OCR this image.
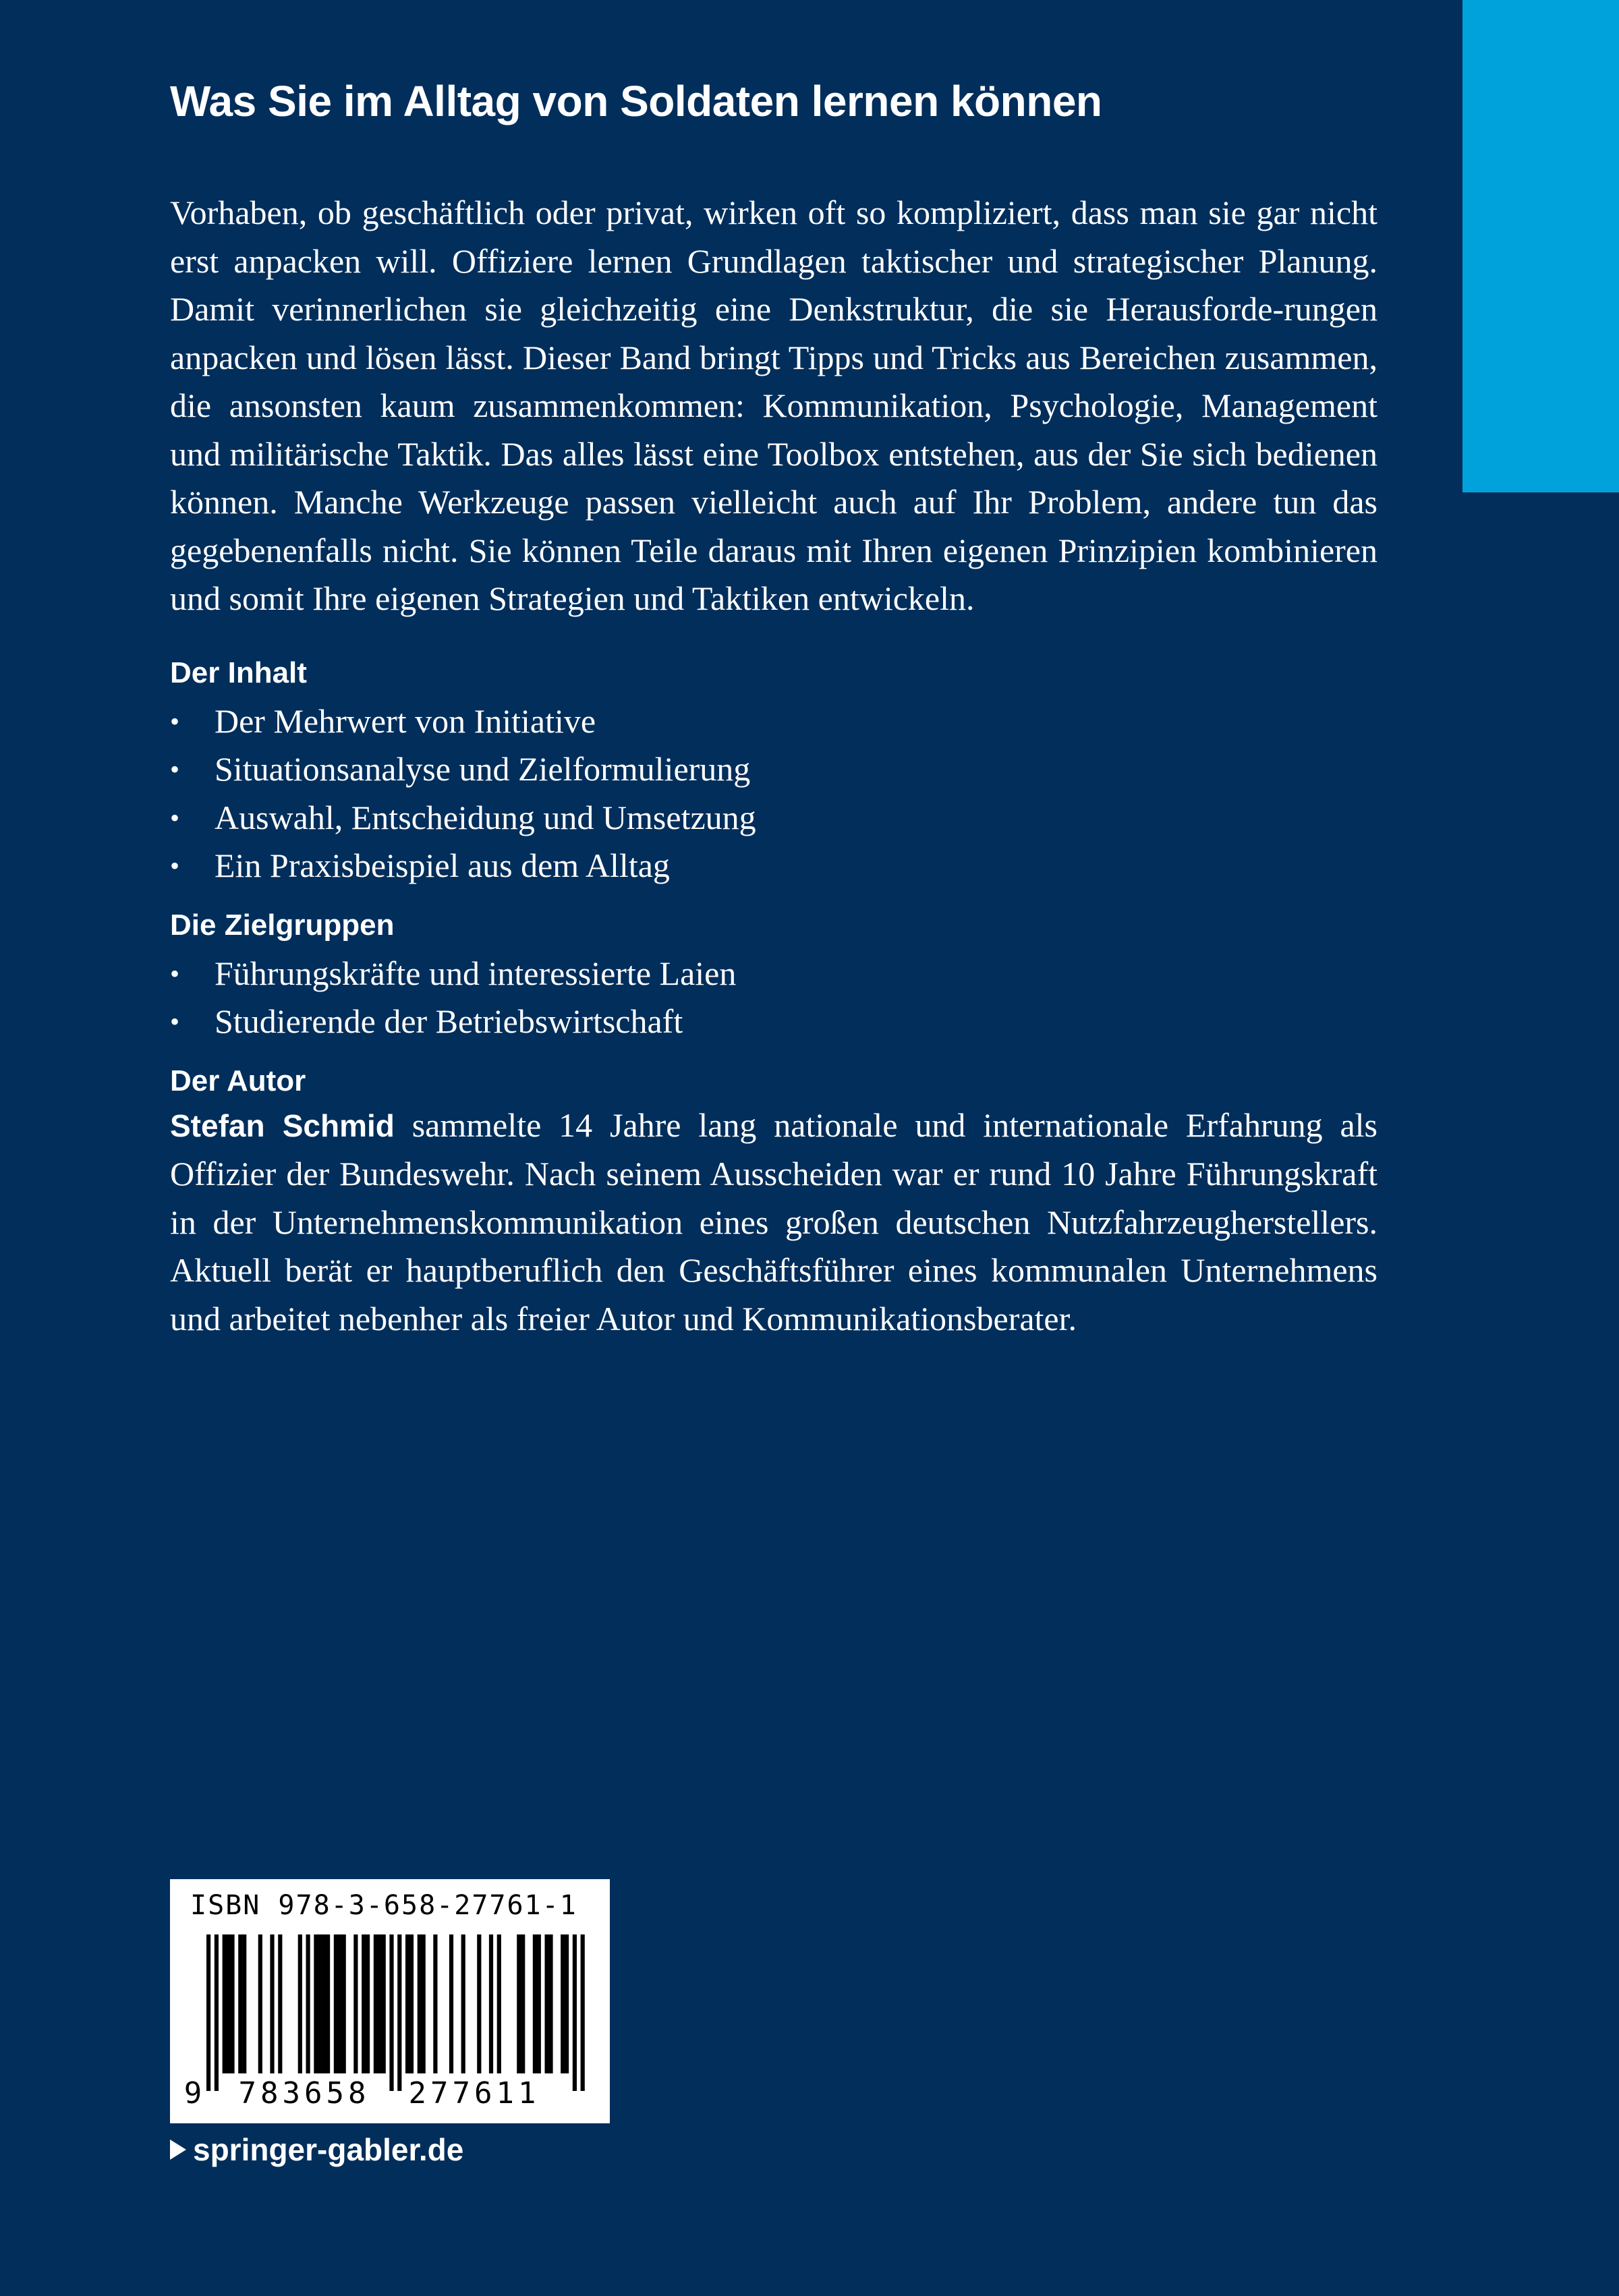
Was Sie im Alltag von Soldaten lernen können

Vorhaben, ob geschäftlich oder privat, wirken oft so kompliziert, dass man sie gar nicht erst anpacken will. Offiziere lernen Grundlagen taktischer und strategischer Planung. Damit verinnerlichen sie gleichzeitig eine Denkstruktur, die sie Herausforde-rungen anpacken und lösen lässt. Dieser Band bringt Tipps und Tricks aus Bereichen zusammen, die ansonsten kaum zusammenkommen: Kommunikation, Psychologie, Management und militärische Taktik. Das alles lässt eine Toolbox entstehen, aus der Sie sich bedienen können. Manche Werkzeuge passen vielleicht auch auf Ihr Problem, andere tun das gegebenenfalls nicht. Sie können Teile daraus mit Ihren eigenen Prinzipien kombinieren und somit Ihre eigenen Strategien und Taktiken entwickeln.

Der Inhalt
• Der Mehrwert von Initiative
• Situationsanalyse und Zielformulierung
• Auswahl, Entscheidung und Umsetzung
• Ein Praxisbeispiel aus dem Alltag
Die Zielgruppen
• Führungskräfte und interessierte Laien
• Studierende der Betriebswirtschaft
Der Autor

Stefan Schmid sammelte 14 Jahre lang nationale und internationale Erfahrung als Offizier der Bundeswehr. Nach seinem Ausscheiden war er rund 10 Jahre Führungskraft in der Unternehmenskommunikation eines großen deutschen Nutzfahrzeugherstellers. Aktuell berät er hauptberuflich den Geschäftsführer eines kommunalen Unternehmens und arbeitet nebenher als freier Autor und Kommunikationsberater.

ISBN 978-3-658-27761-1
9 783658 277611
springer-gabler.de
